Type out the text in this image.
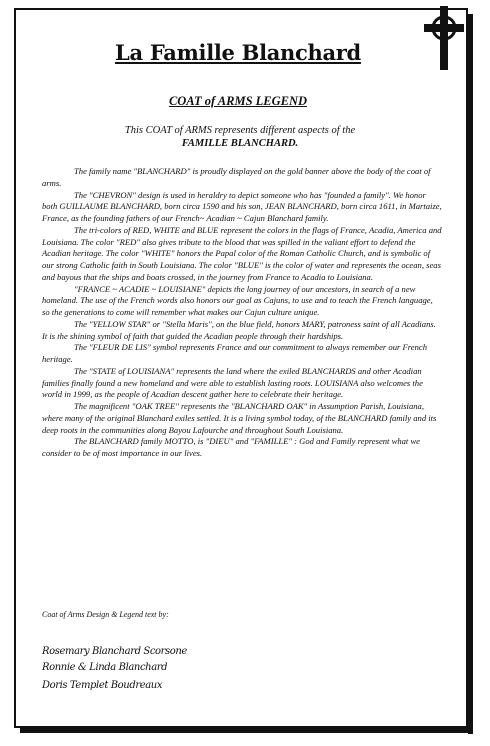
La Famille Blanchard
COAT of ARMS LEGEND
This COAT of ARMS represents different aspects of the
FAMILLE BLANCHARD.

The family name "BLANCHARD" is proudly displayed on the gold banner above the body of the coat of arms.

The "CHEVRON" design is used in heraldry to depict someone who has "founded a family". We honor both GUILLAUME BLANCHARD, born circa 1590 and his son, JEAN BLANCHARD, born circa 1611, in Martaize, France, as the founding fathers of our French~ Acadian ~ Cajun Blanchard family.

The tri-colors of RED, WHITE and BLUE represent the colors in the flags of France, Acadia, America and Louisiana. The color "RED" also gives tribute to the blood that was spilled in the valiant effort to defend the Acadian heritage. The color "WHITE" honors the Papal color of the Roman Catholic Church, and is symbolic of our strong Catholic faith in South Louisiana. The color "BLUE" is the color of water and represents the ocean, seas and bayous that the ships and boats crossed, in the journey from France to Acadia to Louisiana.

"FRANCE ~ ACADIE ~ LOUISIANE" depicts the long journey of our ancestors, in search of a new homeland. The use of the French words also honors our goal as Cajuns, to use and to teach the French language, so the generations to come will remember what makes our Cajun culture unique.

The "YELLOW STAR" or "Stella Maris", on the blue field, honors MARY, patroness saint of all Acadians. It is the shining symbol of faith that guided the Acadian people through their hardships.

The "FLEUR DE LIS" symbol represents France and our commitment to always remember our French heritage.

The "STATE of LOUISIANA" represents the land where the exiled BLANCHARDS and other Acadian families finally found a new homeland and were able to establish lasting roots. LOUISIANA also welcomes the world in 1999, as the people of Acadian descent gather here to celebrate their heritage.

The magnificent "OAK TREE" represents the "BLANCHARD OAK" in Assumption Parish, Louisiana, where many of the original Blanchard exiles settled. It is a living symbol today, of the BLANCHARD family and its deep roots in the communities along Bayou Lafourche and throughout South Louisiana.

The BLANCHARD family MOTTO, is "DIEU" and "FAMILLE" : God and Family represent what we consider to be of most importance in our lives.

Coat of Arms Design & Legend text by:
Rosemary Blanchard Scorsone
Ronnie & Linda Blanchard
Doris Templet Boudreaux
